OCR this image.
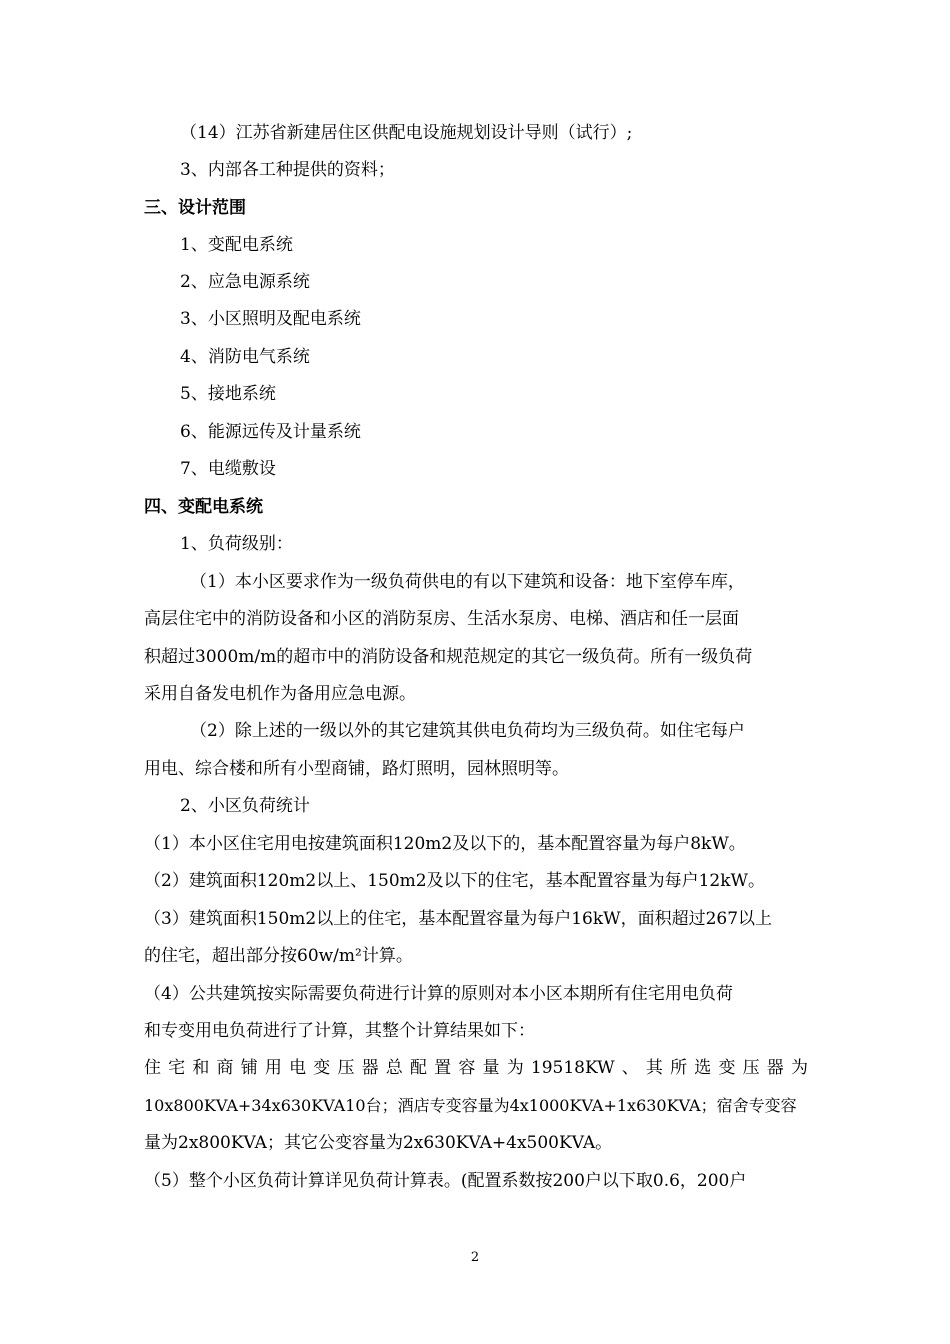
（14）江苏省新建居住区供配电设施规划设计导则（试行）;
3、内部各工种提供的资料；
三、设计范围
1、变配电系统
2、应急电源系统
3、小区照明及配电系统
4、消防电气系统
5、接地系统
6、能源远传及计量系统
7、电缆敷设
四、变配电系统
1、负荷级别：
（1）本小区要求作为一级负荷供电的有以下建筑和设备：地下室停车库，
高层住宅中的消防设备和小区的消防泵房、生活水泵房、电梯、酒店和任一层面
积超过3000m/m的超市中的消防设备和规范规定的其它一级负荷。所有一级负荷
采用自备发电机作为备用应急电源。
（2）除上述的一级以外的其它建筑其供电负荷均为三级负荷。如住宅每户
用电、综合楼和所有小型商铺，路灯照明，园林照明等。
2、小区负荷统计
（1）本小区住宅用电按建筑面积120m2及以下的，基本配置容量为每户8kW。
（2）建筑面积120m2以上、150m2及以下的住宅，基本配置容量为每户12kW。
（3）建筑面积150m2以上的住宅，基本配置容量为每户16kW，面积超过267以上
的住宅，超出部分按60w/m²计算。
（4）公共建筑按实际需要负荷进行计算的原则对本小区本期所有住宅用电负荷
和专变用电负荷进行了计算，其整个计算结果如下：
住宅和商铺用电变压器总配置容量为19518KW、其所选变压器为
10x800KVA+34x630KVA10台；酒店专变容量为4x1000KVA+1x630KVA；宿舍专变容
量为2x800KVA；其它公变容量为2x630KVA+4x500KVA。
（5）整个小区负荷计算详见负荷计算表。(配置系数按200户以下取0.6，200户
2
